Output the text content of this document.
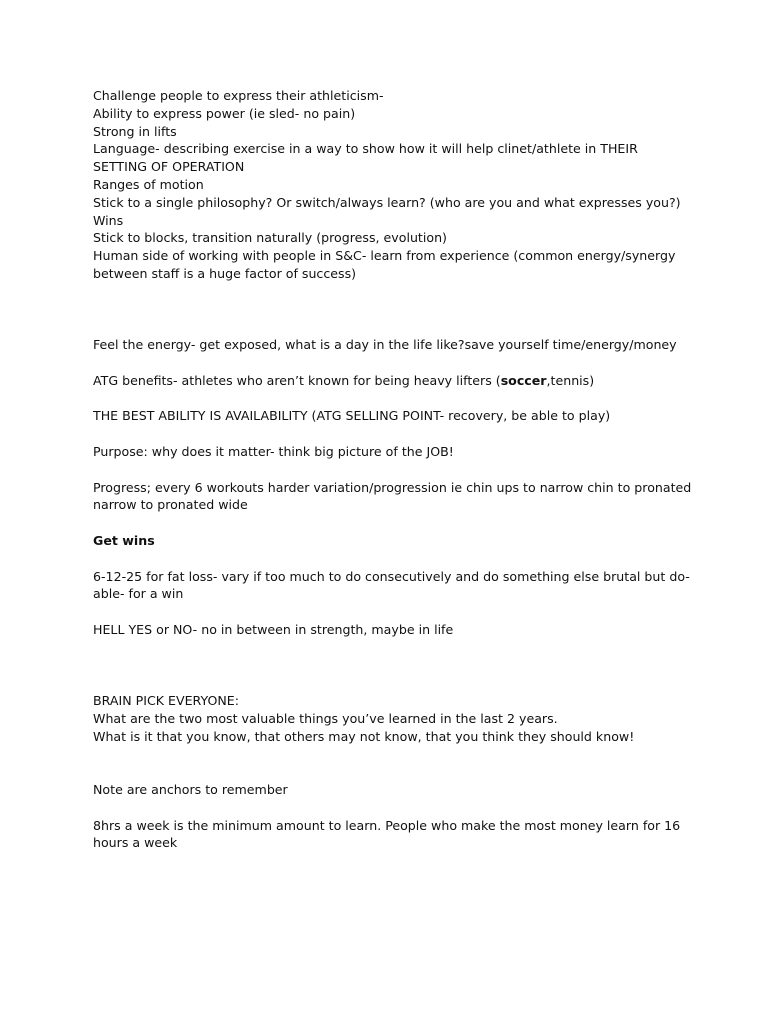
Challenge people to express their athleticism-

Ability to express power (ie sled- no pain)

Strong in lifts

Language- describing exercise in a way to show how it will help clinet/athlete in THEIR SETTING OF OPERATION

Ranges of motion

Stick to a single philosophy? Or switch/always learn? (who are you and what expresses you?)

Wins

Stick to blocks, transition naturally (progress, evolution)

Human side of working with people in S&C- learn from experience (common energy/synergy between staff is a huge factor of success)

Feel the energy- get exposed, what is a day in the life like?save yourself time/energy/money

ATG benefits- athletes who aren’t known for being heavy lifters (soccer,tennis)

THE BEST ABILITY IS AVAILABILITY (ATG SELLING POINT- recovery, be able to play)

Purpose: why does it matter- think big picture of the JOB!

Progress; every 6 workouts harder variation/progression ie chin ups to narrow chin to pronated narrow to pronated wide

Get wins

6-12-25 for fat loss- vary if too much to do consecutively and do something else brutal but do-able- for a win

HELL YES or NO- no in between in strength, maybe in life

BRAIN PICK EVERYONE:

What are the two most valuable things you’ve learned in the last 2 years.

What is it that you know, that others may not know, that you think they should know!

Note are anchors to remember

8hrs a week is the minimum amount to learn. People who make the most money learn for 16 hours a week
